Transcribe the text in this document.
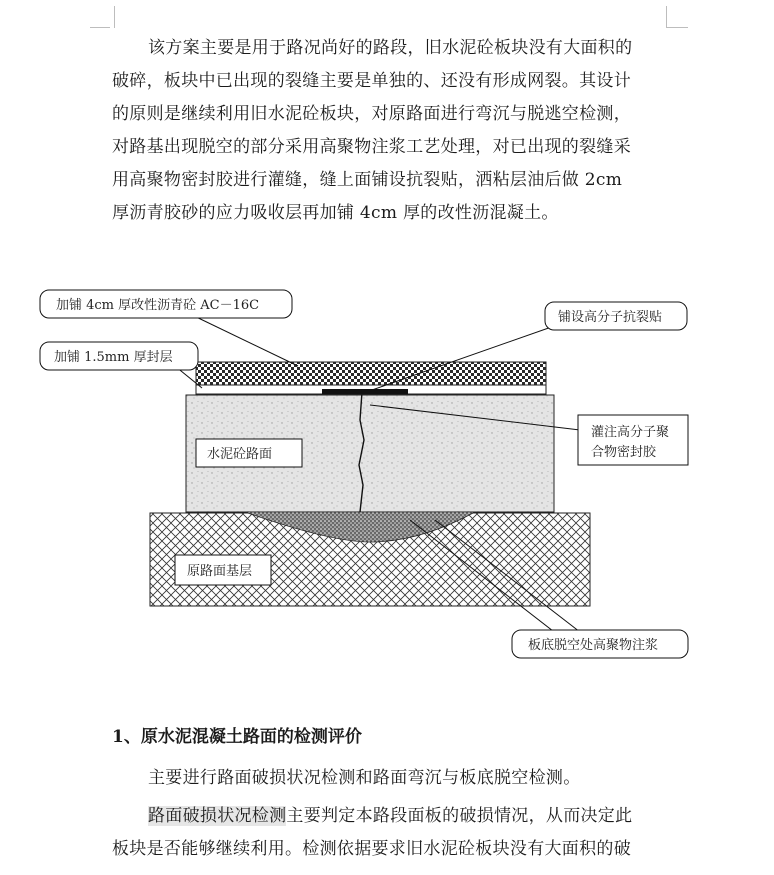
该方案主要是用于路况尚好的路段，旧水泥砼板块没有大面积的
破碎，板块中已出现的裂缝主要是单独的、还没有形成网裂。其设计
的原则是继续利用旧水泥砼板块，对原路面进行弯沉与脱逃空检测，
对路基出现脱空的部分采用高聚物注浆工艺处理，对已出现的裂缝采
用高聚物密封胶进行灌缝，缝上面铺设抗裂贴，洒粘层油后做 2cm
厚沥青胶砂的应力吸收层再加铺 4cm 厚的改性沥混凝土。
加铺 4cm 厚改性沥青砼 AC－16C
铺设高分子抗裂贴
加铺 1.5mm 厚封层
水泥砼路面
灌注高分子聚
合物密封胶
原路面基层
板底脱空处高聚物注浆
1、原水泥混凝土路面的检测评价
主要进行路面破损状况检测和路面弯沉与板底脱空检测。
路面破损状况检测主要判定本路段面板的破损情况，从而决定此
板块是否能够继续利用。检测依据要求旧水泥砼板块没有大面积的破
